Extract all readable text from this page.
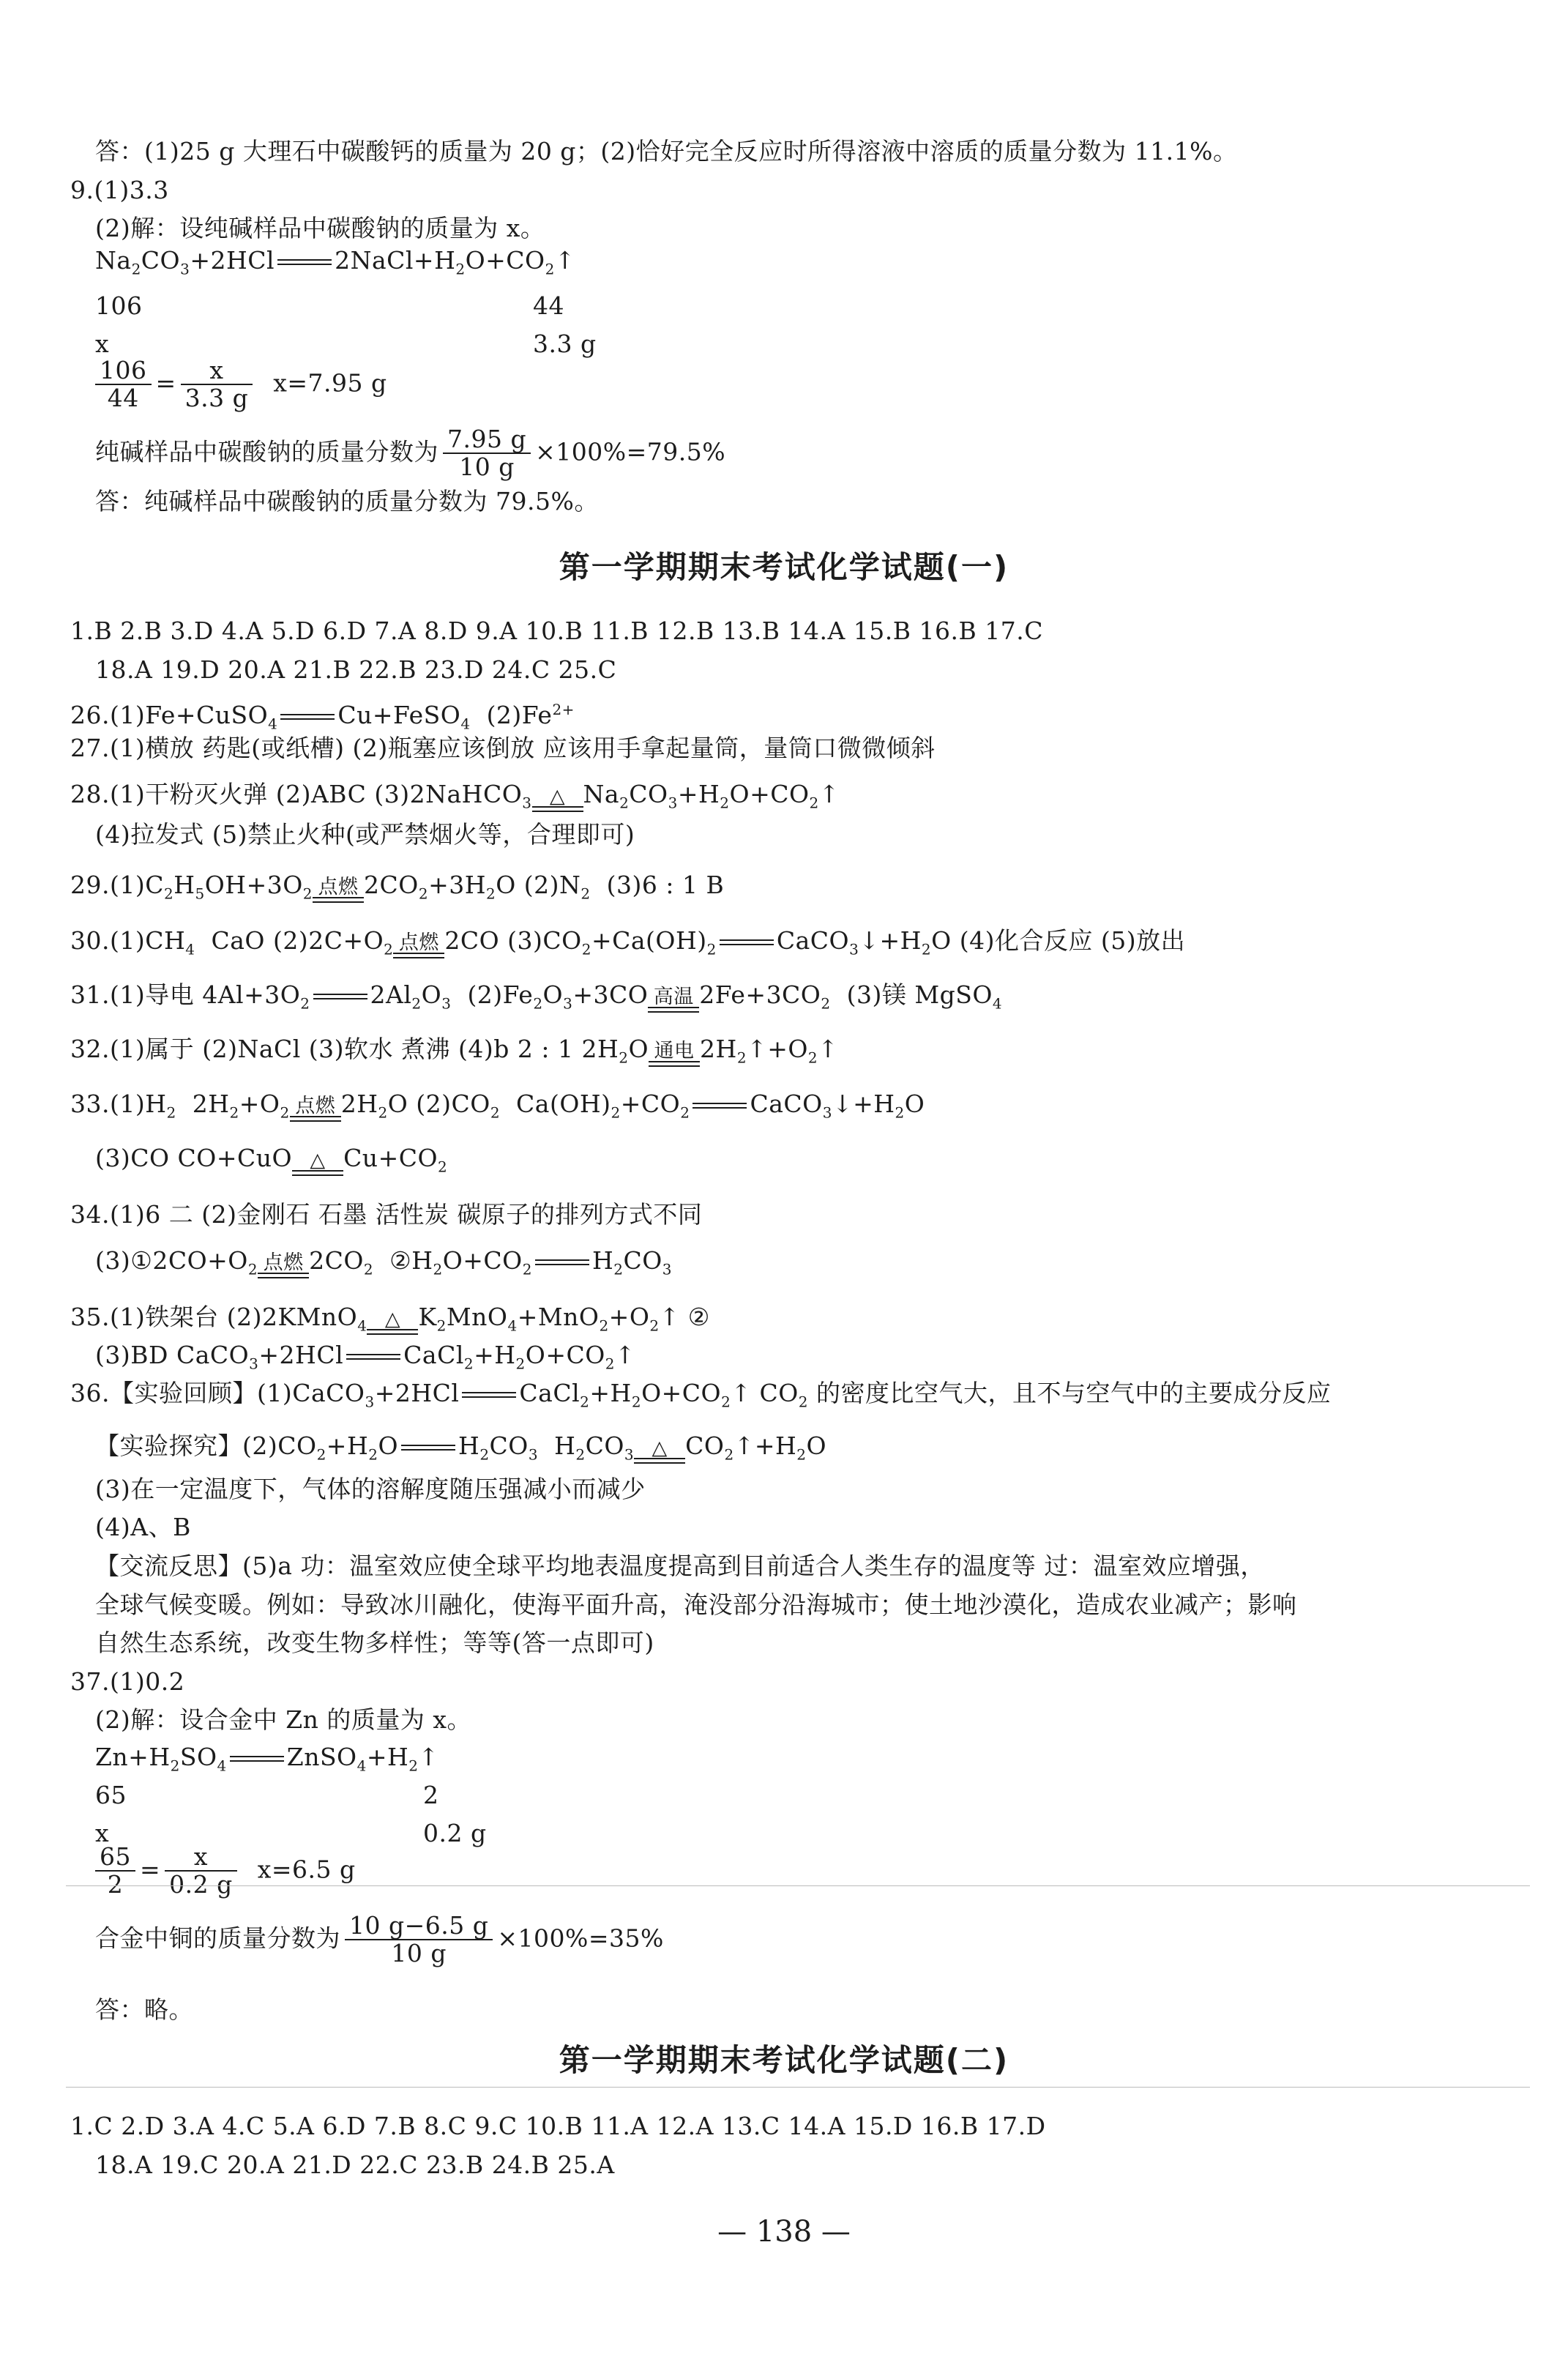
答：(1)25 g 大理石中碳酸钙的质量为 20 g；(2)恰好完全反应时所得溶液中溶质的质量分数为 11.1%。
9.(1)3.3
(2)解：设纯碱样品中碳酸钠的质量为 x。
106	44
x	3.3 g
答：纯碱样品中碳酸钠的质量分数为 79.5%。
1.B 2.B 3.D 4.A 5.D 6.D 7.A 8.D 9.A 10.B 11.B 12.B 13.B 14.A 15.B 16.B 17.C
18.A 19.D 20.A 21.B 22.B 23.D 24.C 25.C
27.(1)横放 药匙(或纸槽) (2)瓶塞应该倒放 应该用手拿起量筒，量筒口微微倾斜
(4)拉发式 (5)禁止火种(或严禁烟火等，合理即可)
34.(1)6 二 (2)金刚石 石墨 活性炭 碳原子的排列方式不同
(3)在一定温度下，气体的溶解度随压强减小而减少
(4)A、B
【交流反思】(5)a 功：温室效应使全球平均地表温度提高到目前适合人类生存的温度等 过：温室效应增强，
全球气候变暖。例如：导致冰川融化，使海平面升高，淹没部分沿海城市；使土地沙漠化，造成农业减产；影响
自然生态系统，改变生物多样性；等等(答一点即可)
37.(1)0.2
(2)解：设合金中 Zn 的质量为 x。
65	2
x	0.2 g
答：略。
1.C 2.D 3.A 4.C 5.A 6.D 7.B 8.C 9.C 10.B 11.A 12.A 13.C 14.A 15.D 16.B 17.D
18.A 19.C 20.A 21.D 22.C 23.B 24.B 25.A
第一学期期末考试化学试题(一)
第一学期期末考试化学试题(二)
$Na_2CO_3+2HCl$ $2NaCl+H_2O+CO_2↑$
$\frac{106}{44} = \frac{x}{3.3 g} x=7.95$ g
纯碱样品中碳酸钠的质量分数为 $\frac{7.95 g}{10 g} \times 100\%=79.5\%$
26.(1)Fe+CuSO$_4$ Cu+FeSO$_4$ $(2)Fe^{2+}$
28.(1)干粉灭火弹 (2)ABC (3)2NaHCO$_3$ △ $Na_2CO_3+H_2O+CO_2↑$
$29.(1)C_2H_5OH+3O_2$ 点燃 $2CO_2+3H_2O$ $(2)N_2$ (3)6 : 1 B
$30.(1)CH_4$ CaO $(2)2C+O_2$ 点燃 2CO $(3)CO_2+Ca(OH)_2$ $CaCO_3↓+H_2O$ (4)化合反应 (5)放出
31.(1)导电 $4Al+3O_2$ $2Al_2O_3$ $(2)Fe_2O_3+3CO$ 高温 $2Fe+3CO_2$ (3)镁 MgSO$_4$
32.(1)属于 (2)NaCl (3)软水 煮沸 (4)b 2 : 1 $2H_2O$ 通电 $2H_2↑+O_2↑$
$33.(1)H_2$ $2H_2+O_2$ 点燃 $2H_2O$ $(2)CO_2$ $Ca(OH)_2+CO_2$ $CaCO_3↓+H_2O$
(3)CO CO+CuO △ $Cu+CO_2$
$(3)①2CO+O_2$ 点燃 $2CO_2$ $②H_2O+CO_2$ $H_2CO_3$
35.(1)铁架台 (2)2KMnO$_4$ △ $K_2MnO_4+MnO_2+O_2↑$ ②
(3)BD CaCO$_3$+2HCl $CaCl_2+H_2O+CO_2↑$
36.【实验回顾】(1)CaCO$_3$+2HCl $CaCl_2+H_2O+CO_2↑$ $CO_2$ 的密度比空气大，且不与空气中的主要成分反应
【实验探究】$(2)CO_2+H_2O$ $H_2CO_3$ $H_2CO_3$ △ $CO_2↑+H_2O$
$Zn+H_2SO_4$ $ZnSO_4+H_2↑$
$\frac{65}{2} = \frac{x}{0.2 g} x=6.5$ g
合金中铜的质量分数为 $\frac{10 g-6.5 g}{10 g} \times 100\%=35\%$
— 138 —
